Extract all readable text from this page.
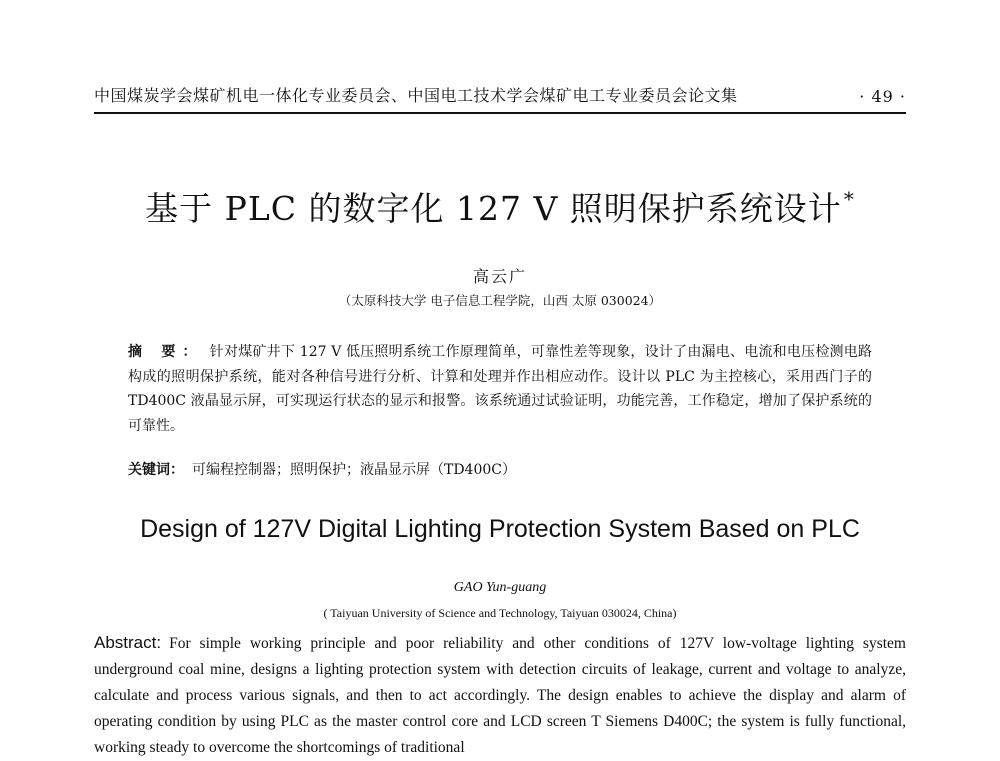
中国煤炭学会煤矿机电一体化专业委员会、中国电工技术学会煤矿电工专业委员会论文集	· 49 ·
基于 PLC 的数字化 127 V 照明保护系统设计 *
高云广
（太原科技大学 电子信息工程学院，山西 太原 030024）
摘 要： 针对煤矿井下 127 V 低压照明系统工作原理简单，可靠性差等现象，设计了由漏电、电流和电压检测电路构成的照明保护系统，能对各种信号进行分析、计算和处理并作出相应动作。设计以 PLC 为主控核心，采用西门子的 TD400C 液晶显示屏，可实现运行状态的显示和报警。该系统通过试验证明，功能完善，工作稳定，增加了保护系统的可靠性。
关键词： 可编程控制器；照明保护；液晶显示屏（TD400C）
Design of 127V Digital Lighting Protection System Based on PLC
GAO Yun-guang
( Taiyuan University of Science and Technology, Taiyuan 030024, China)
Abstract: For simple working principle and poor reliability and other conditions of 127V low-voltage lighting system underground coal mine, designs a lighting protection system with detection circuits of leakage, current and voltage to analyze, calculate and process various signals, and then to act accordingly. The design enables to achieve the display and alarm of operating condition by using PLC as the master control core and LCD screen T Siemens D400C; the system is fully functional, working steady to overcome the shortcomings of traditional
